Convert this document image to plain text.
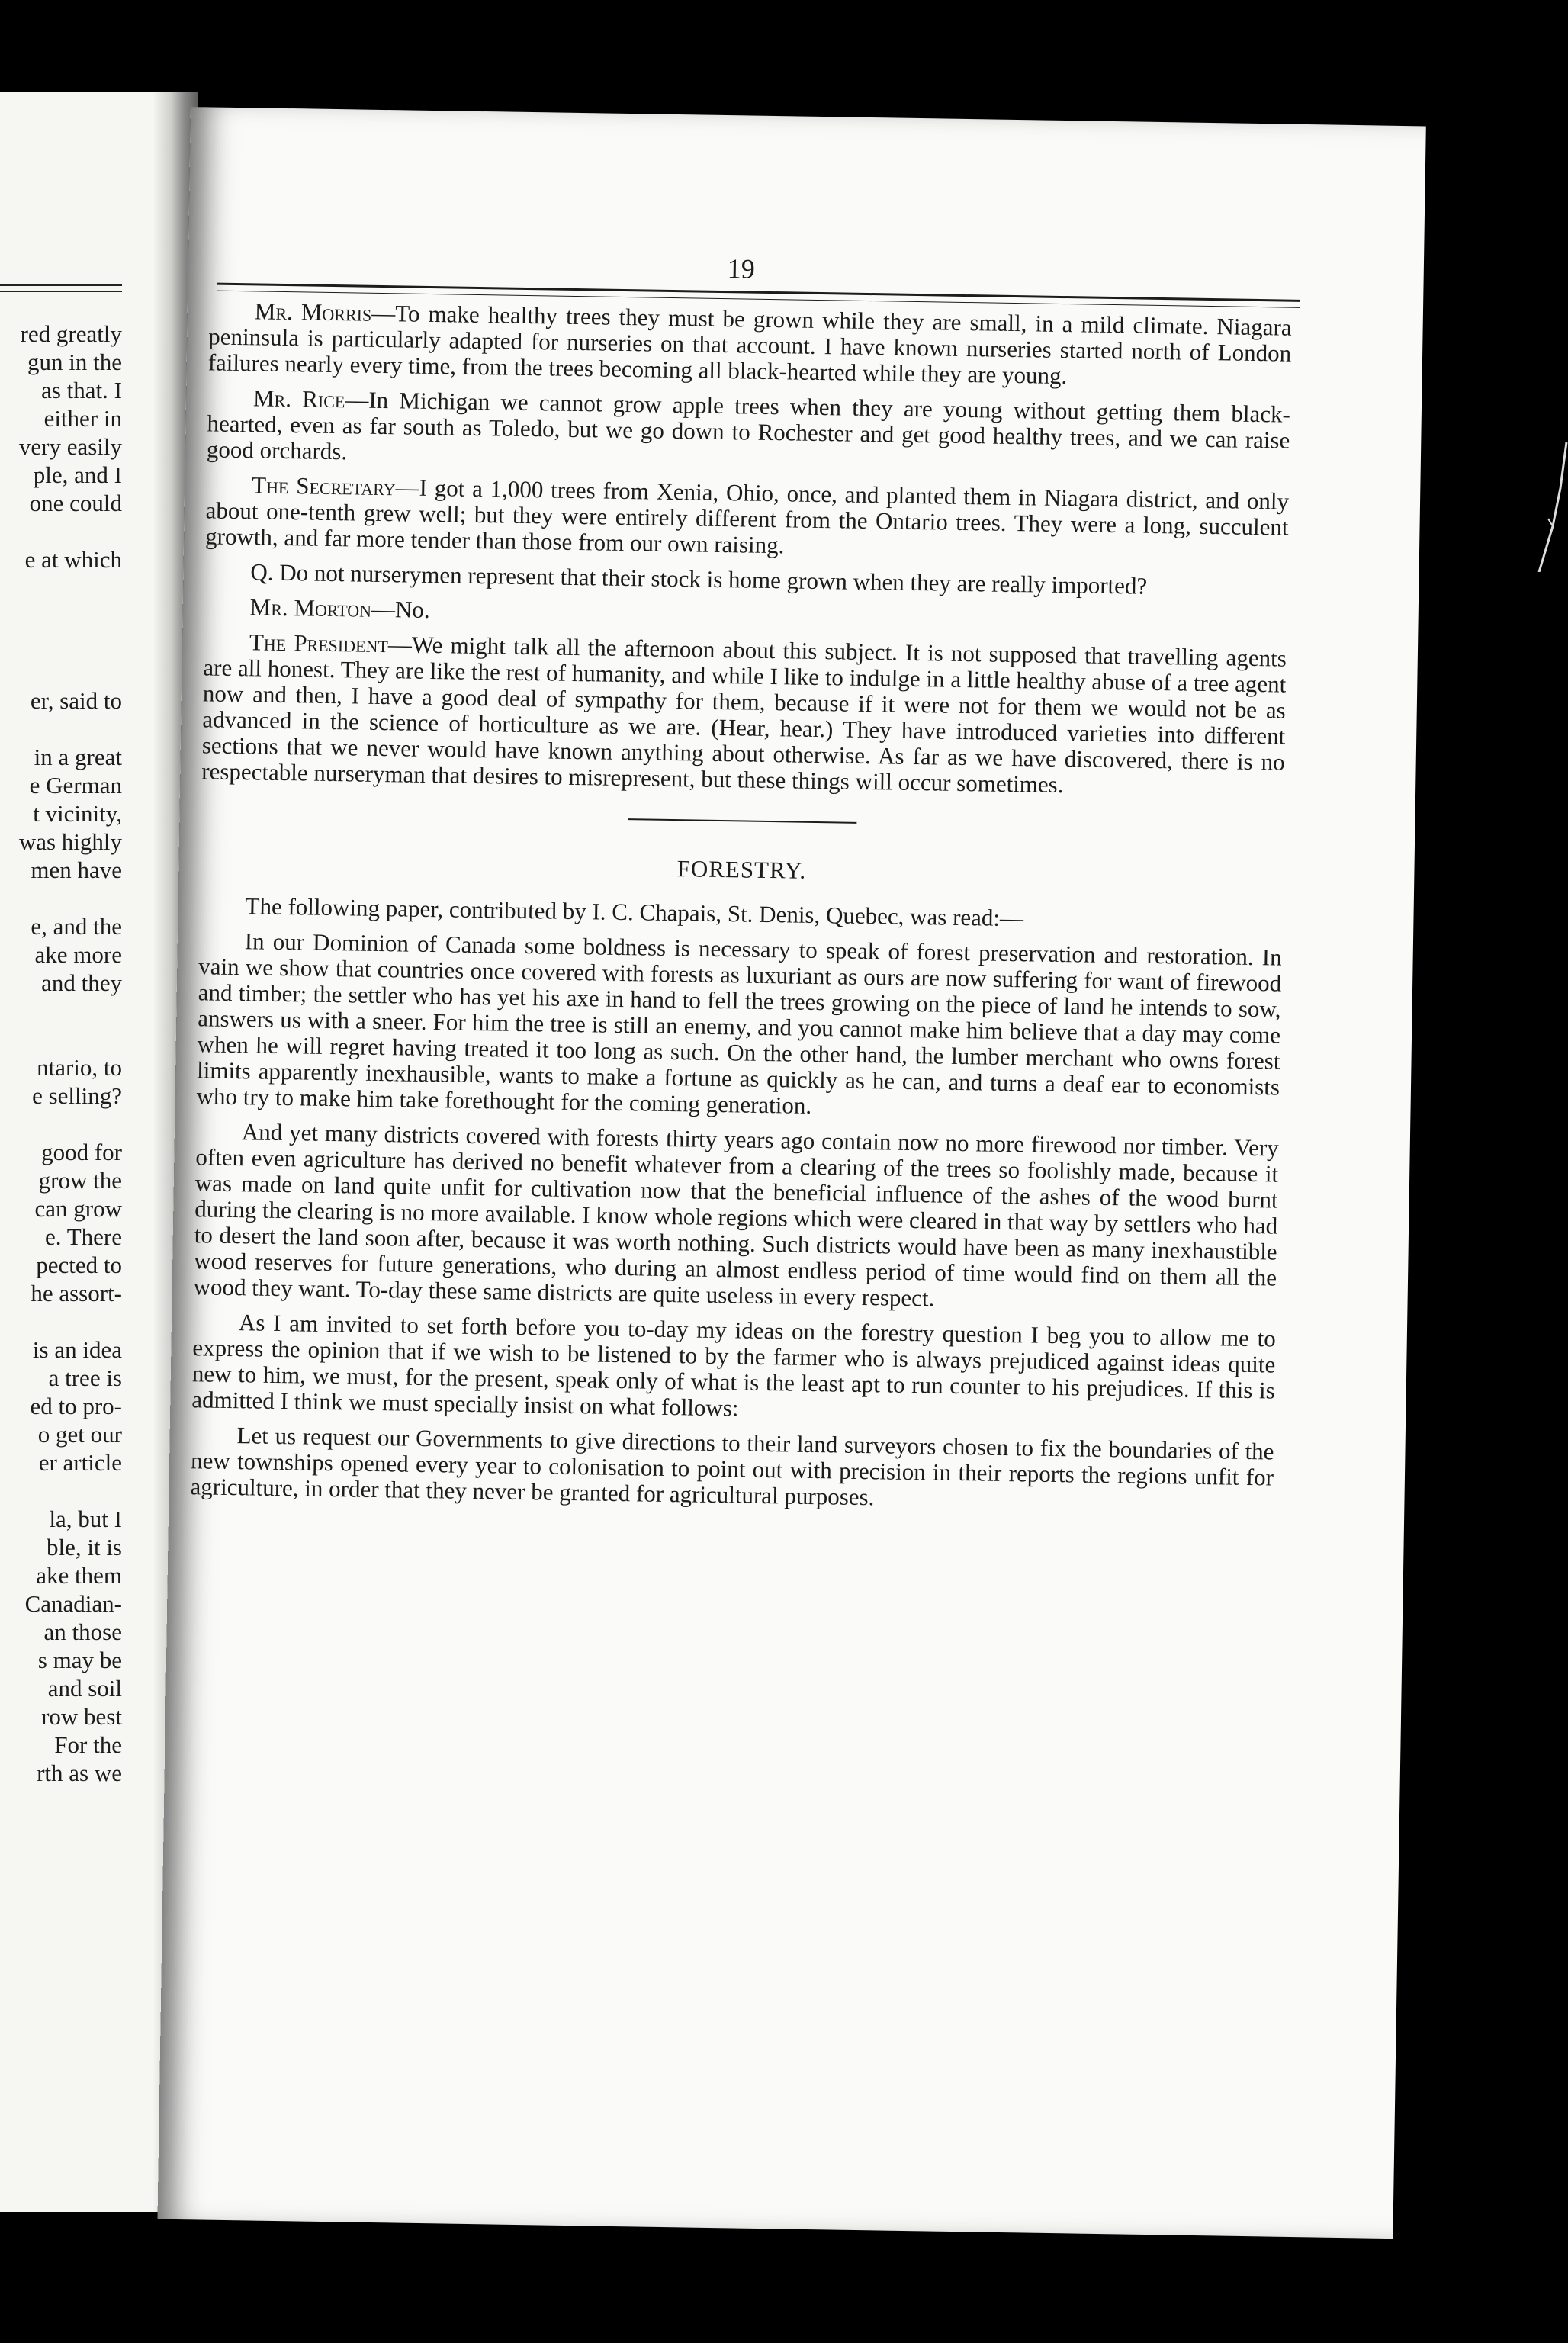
red greatly
gun in the
as that. I
either in
very easily
ple, and I
one could
e at which
er, said to
in a great
e German
t vicinity,
was highly
men have
e, and the
ake more
and they
ntario, to
e selling?
good for
grow the
can grow
e. There
pected to
he assort-
is an idea
a tree is
ed to pro-
o get our
er article
la, but I
ble, it is
ake them
Canadian-
an those
s may be
and soil
row best
For the
rth as we
19

Mr. Morris—To make healthy trees they must be grown while they are small, in a mild climate. Niagara peninsula is particularly adapted for nurseries on that account. I have known nurseries started north of London failures nearly every time, from the trees becoming all black-hearted while they are young.

Mr. Rice—In Michigan we cannot grow apple trees when they are young without getting them black-hearted, even as far south as Toledo, but we go down to Rochester and get good healthy trees, and we can raise good orchards.

The Secretary—I got a 1,000 trees from Xenia, Ohio, once, and planted them in Niagara district, and only about one-tenth grew well; but they were entirely different from the Ontario trees. They were a long, succulent growth, and far more tender than those from our own raising.

Q. Do not nurserymen represent that their stock is home grown when they are really imported?

Mr. Morton—No.

The President—We might talk all the afternoon about this subject. It is not supposed that travelling agents are all honest. They are like the rest of humanity, and while I like to indulge in a little healthy abuse of a tree agent now and then, I have a good deal of sympathy for them, because if it were not for them we would not be as advanced in the science of horticulture as we are. (Hear, hear.) They have introduced varieties into different sections that we never would have known anything about otherwise. As far as we have discovered, there is no respectable nurseryman that desires to misrepresent, but these things will occur sometimes.

FORESTRY.

The following paper, contributed by I. C. Chapais, St. Denis, Quebec, was read:—

In our Dominion of Canada some boldness is necessary to speak of forest preservation and restoration. In vain we show that countries once covered with forests as luxuriant as ours are now suffering for want of firewood and timber; the settler who has yet his axe in hand to fell the trees growing on the piece of land he intends to sow, answers us with a sneer. For him the tree is still an enemy, and you cannot make him believe that a day may come when he will regret having treated it too long as such. On the other hand, the lumber merchant who owns forest limits apparently inexhausible, wants to make a fortune as quickly as he can, and turns a deaf ear to economists who try to make him take forethought for the coming generation.

And yet many districts covered with forests thirty years ago contain now no more firewood nor timber. Very often even agriculture has derived no benefit whatever from a clearing of the trees so foolishly made, because it was made on land quite unfit for cultivation now that the beneficial influence of the ashes of the wood burnt during the clearing is no more available. I know whole regions which were cleared in that way by settlers who had to desert the land soon after, because it was worth nothing. Such districts would have been as many inexhaustible wood reserves for future generations, who during an almost endless period of time would find on them all the wood they want. To-day these same districts are quite useless in every respect.

As I am invited to set forth before you to-day my ideas on the forestry question I beg you to allow me to express the opinion that if we wish to be listened to by the farmer who is always prejudiced against ideas quite new to him, we must, for the present, speak only of what is the least apt to run counter to his prejudices. If this is admitted I think we must specially insist on what follows:

Let us request our Governments to give directions to their land surveyors chosen to fix the boundaries of the new townships opened every year to colonisation to point out with precision in their reports the regions unfit for agriculture, in order that they never be granted for agricultural purposes.
